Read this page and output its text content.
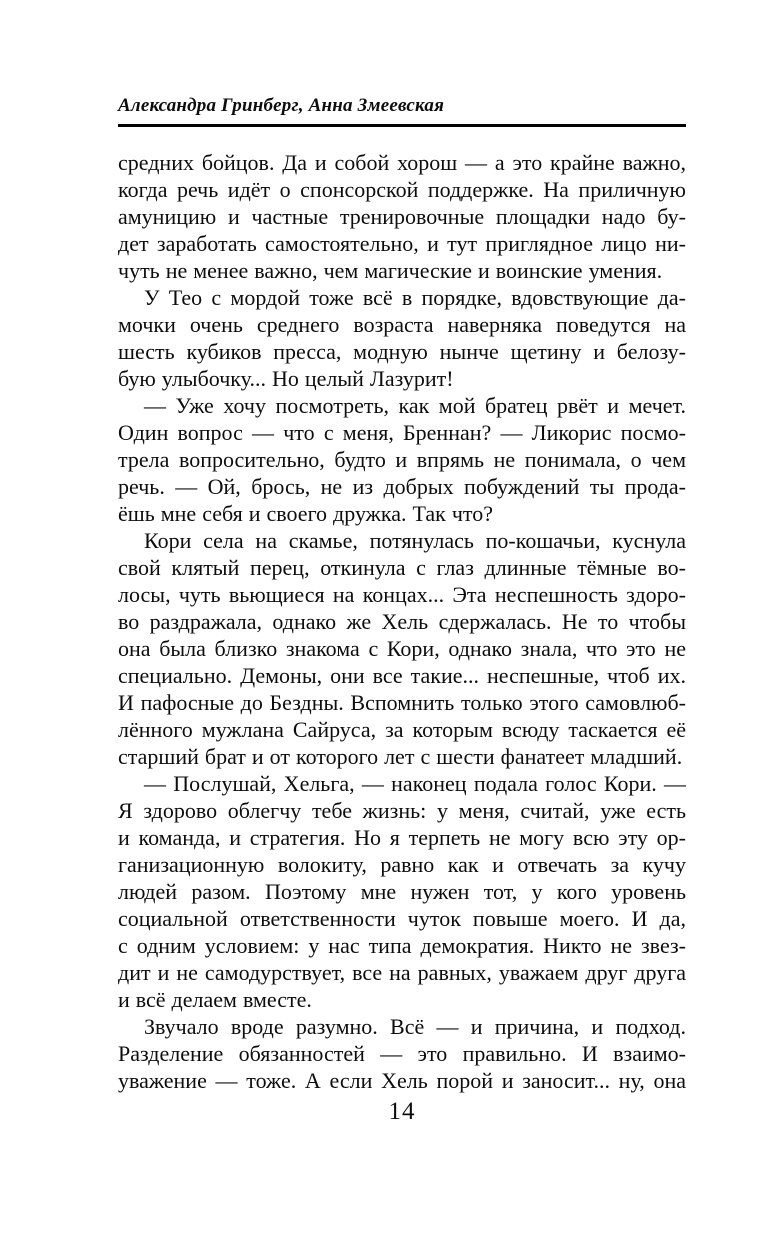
Александра Гринберг, Анна Змеевская
средних бойцов. Да и собой хорош — а это крайне важно,
когда речь идёт о спонсорской поддержке. На приличную
амуницию и частные тренировочные площадки надо бу-
дет заработать самостоятельно, и тут приглядное лицо ни-
чуть не менее важно, чем магические и воинские умения.
У Тео с мордой тоже всё в порядке, вдовствующие да-
мочки очень среднего возраста наверняка поведутся на
шесть кубиков пресса, модную нынче щетину и белозу-
бую улыбочку... Но целый Лазурит!
— Уже хочу посмотреть, как мой братец рвёт и мечет.
Один вопрос — что с меня, Бреннан? — Ликорис посмо-
трела вопросительно, будто и впрямь не понимала, о чем
речь. — Ой, брось, не из добрых побуждений ты прода-
ёшь мне себя и своего дружка. Так что?
Кори села на скамье, потянулась по-кошачьи, куснула
свой клятый перец, откинула с глаз длинные тёмные во-
лосы, чуть вьющиеся на концах... Эта неспешность здоро-
во раздражала, однако же Хель сдержалась. Не то чтобы
она была близко знакома с Кори, однако знала, что это не
специально. Демоны, они все такие... неспешные, чтоб их.
И пафосные до Бездны. Вспомнить только этого самовлюб-
лённого мужлана Сайруса, за которым всюду таскается её
старший брат и от которого лет с шести фанатеет младший.
— Послушай, Хельга, — наконец подала голос Кори. —
Я здорово облегчу тебе жизнь: у меня, считай, уже есть
и команда, и стратегия. Но я терпеть не могу всю эту ор-
ганизационную волокиту, равно как и отвечать за кучу
людей разом. Поэтому мне нужен тот, у кого уровень
социальной ответственности чуток повыше моего. И да,
с одним условием: у нас типа демократия. Никто не звез-
дит и не самодурствует, все на равных, уважаем друг друга
и всё делаем вместе.
Звучало вроде разумно. Всё — и причина, и подход.
Разделение обязанностей — это правильно. И взаимо-
уважение — тоже. А если Хель порой и заносит... ну, она
14
